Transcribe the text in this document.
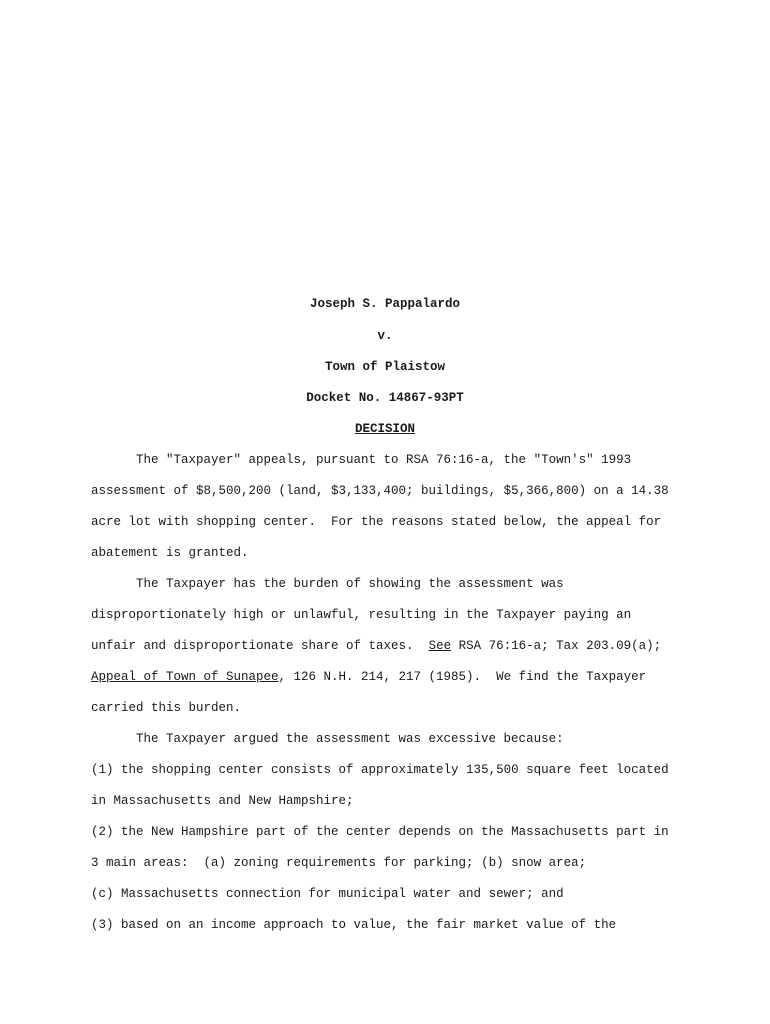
Joseph S. Pappalardo
v.
Town of Plaistow
Docket No. 14867-93PT
DECISION
The "Taxpayer" appeals, pursuant to RSA 76:16-a, the "Town's" 1993
assessment of $8,500,200 (land, $3,133,400; buildings, $5,366,800) on a 14.38
acre lot with shopping center.  For the reasons stated below, the appeal for
abatement is granted.
The Taxpayer has the burden of showing the assessment was
disproportionately high or unlawful, resulting in the Taxpayer paying an
unfair and disproportionate share of taxes.  See RSA 76:16-a; Tax 203.09(a);
Appeal of Town of Sunapee, 126 N.H. 214, 217 (1985).  We find the Taxpayer
carried this burden.
The Taxpayer argued the assessment was excessive because:
(1) the shopping center consists of approximately 135,500 square feet located
in Massachusetts and New Hampshire;
(2) the New Hampshire part of the center depends on the Massachusetts part in
3 main areas:  (a) zoning requirements for parking; (b) snow area;
(c) Massachusetts connection for municipal water and sewer; and
(3) based on an income approach to value, the fair market value of the
